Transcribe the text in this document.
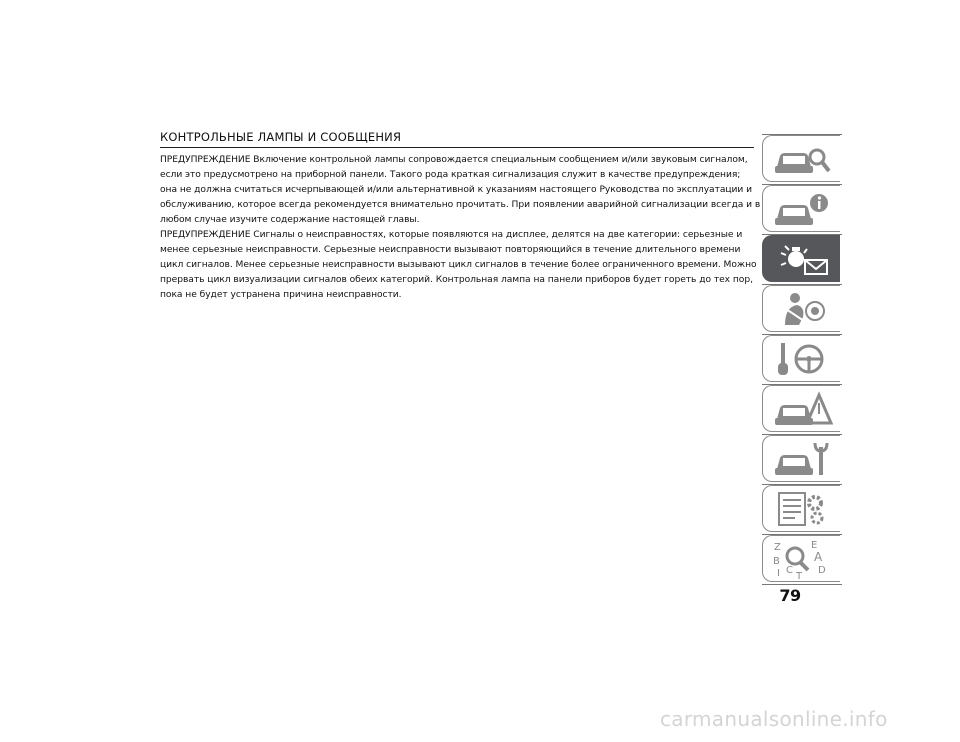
КОНТРОЛЬНЫЕ ЛАМПЫ И СООБЩЕНИЯ

ПРЕДУПРЕЖДЕНИЕ Включение контрольной лампы сопровождается специальным сообщением и/или звуковым сигналом,
если это предусмотрено на приборной панели. Такого рода краткая сигнализация служит в качестве предупреждения;
она не должна считаться исчерпывающей и/или альтернативной к указаниям настоящего Руководства по эксплуатации и
обслуживанию, которое всегда рекомендуется внимательно прочитать. При появлении аварийной сигнализации всегда и в
любом случае изучите содержание настоящей главы.

ПРЕДУПРЕЖДЕНИЕ Сигналы о неисправностях, которые появляются на дисплее, делятся на две категории: серьезные и
менее серьезные неисправности. Серьезные неисправности вызывают повторяющийся в течение длительного времени
цикл сигналов. Менее серьезные неисправности вызывают цикл сигналов в течение более ограниченного времени. Можно
прервать цикл визуализации сигналов обеих категорий. Контрольная лампа на панели приборов будет гореть до тех пор,
пока не будет устранена причина неисправности.

Z	E
B	A
D
C
T
I
79
carmanualsonline.info
